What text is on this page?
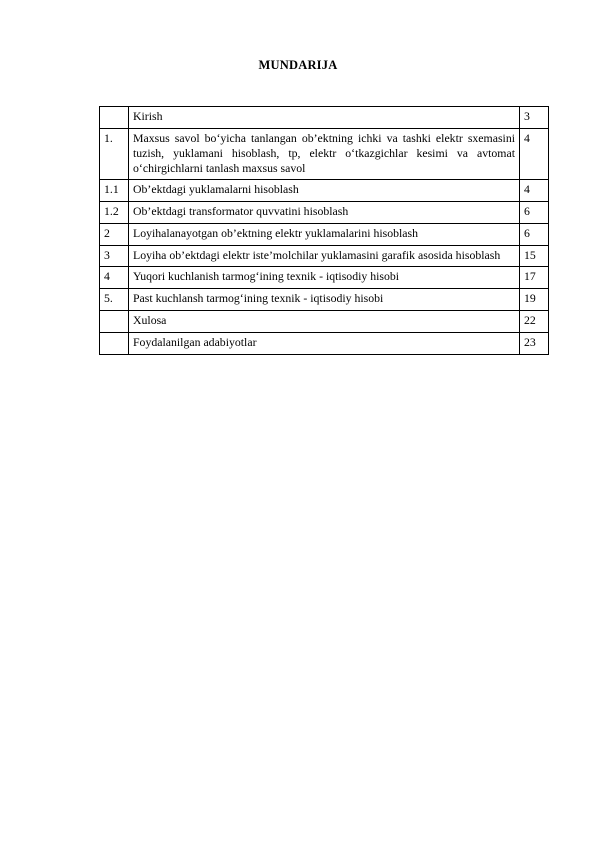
MUNDARIJA
	Kirish	3
1.	Maxsus savol bo‘yicha tanlangan ob’ektning ichki va tashki elektr sxemasini tuzish, yuklamani hisoblash, tp, elektr o‘tkazgichlar kesimi va avtomat o‘chirgichlarni tanlash maxsus savol	4
1.1	Ob’ektdagi yuklamalarni hisoblash	4
1.2	Ob’ektdagi transformator quvvatini hisoblash	6
2	Loyihalanayotgan ob’ektning elektr yuklamalarini hisoblash	6
3	Loyiha ob’ektdagi elektr iste’molchilar yuklamasini garafik asosida hisoblash	15
4	Yuqori kuchlanish tarmog‘ining texnik - iqtisodiy hisobi	17
5.	Past kuchlansh tarmog‘ining texnik - iqtisodiy hisobi	19
	Xulosa	22
	Foydalanilgan adabiyotlar	23
